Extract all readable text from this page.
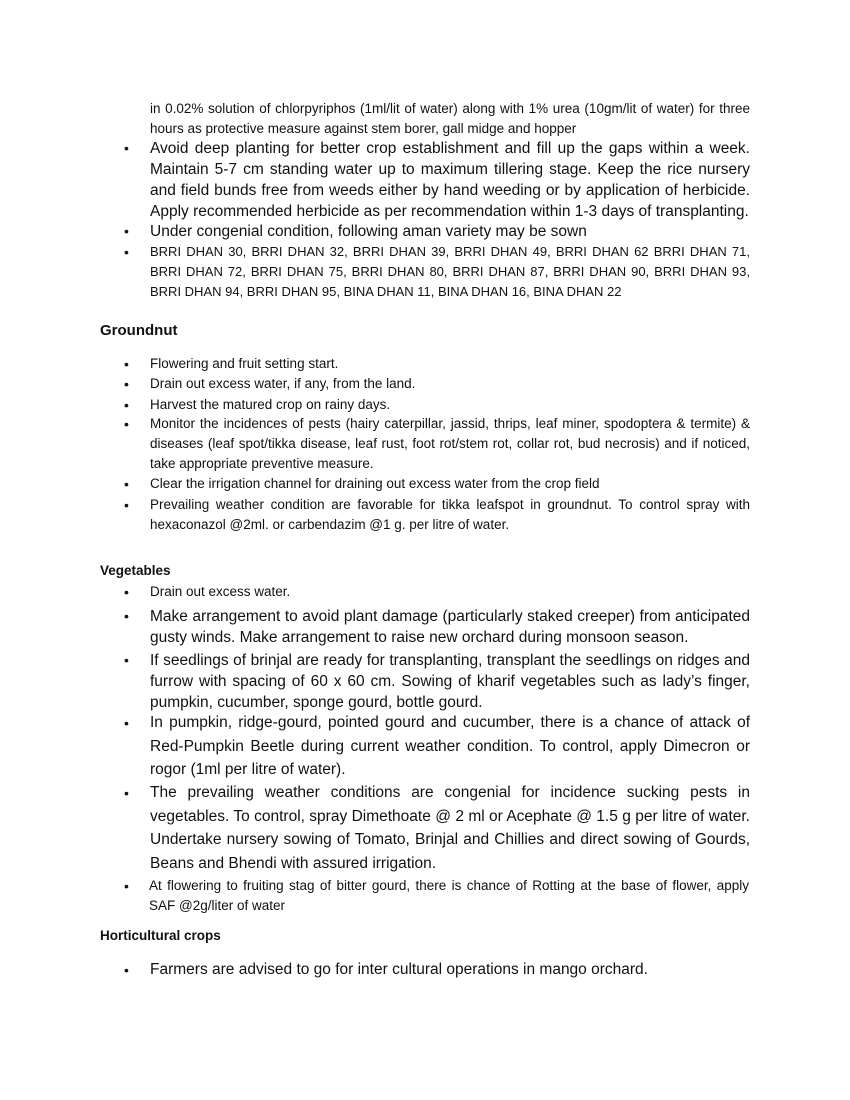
in 0.02% solution of chlorpyriphos (1ml/lit of water) along with 1% urea (10gm/lit of water) for three hours as protective measure against stem borer, gall midge and hopper

• Avoid deep planting for better crop establishment and fill up the gaps within a week. Maintain 5-7 cm standing water up to maximum tillering stage. Keep the rice nursery and field bunds free from weeds either by hand weeding or by application of herbicide. Apply recommended herbicide as per recommendation within 1-3 days of transplanting.

• Under congenial condition, following aman variety may be sown

• BRRI DHAN 30, BRRI DHAN 32, BRRI DHAN 39, BRRI DHAN 49, BRRI DHAN 62 BRRI DHAN 71, BRRI DHAN 72, BRRI DHAN 75, BRRI DHAN 80, BRRI DHAN 87, BRRI DHAN 90, BRRI DHAN 93, BRRI DHAN 94, BRRI DHAN 95, BINA DHAN 11, BINA DHAN 16, BINA DHAN 22

Groundnut
• Flowering and fruit setting start.

• Drain out excess water, if any, from the land.

• Harvest the matured crop on rainy days.

• Monitor the incidences of pests (hairy caterpillar, jassid, thrips, leaf miner, spodoptera & termite) & diseases (leaf spot/tikka disease, leaf rust, foot rot/stem rot, collar rot, bud necrosis) and if noticed, take appropriate preventive measure.

• Clear the irrigation channel for draining out excess water from the crop field

• Prevailing weather condition are favorable for tikka leafspot in groundnut. To control spray with hexaconazol @2ml. or carbendazim @1 g. per litre of water.

Vegetables
• Drain out excess water.

• Make arrangement to avoid plant damage (particularly staked creeper) from anticipated gusty winds. Make arrangement to raise new orchard during monsoon season.

• If seedlings of brinjal are ready for transplanting, transplant the seedlings on ridges and furrow with spacing of 60 x 60 cm. Sowing of kharif vegetables such as lady’s finger, pumpkin, cucumber, sponge gourd, bottle gourd.

• In pumpkin, ridge-gourd, pointed gourd and cucumber, there is a chance of attack of Red-Pumpkin Beetle during current weather condition. To control, apply Dimecron or rogor (1ml per litre of water).

• The prevailing weather conditions are congenial for incidence sucking pests in vegetables. To control, spray Dimethoate @ 2 ml or Acephate @ 1.5 g per litre of water. Undertake nursery sowing of Tomato, Brinjal and Chillies and direct sowing of Gourds, Beans and Bhendi with assured irrigation.

• At flowering to fruiting stag of bitter gourd, there is chance of Rotting at the base of flower, apply SAF @2g/liter of water

Horticultural crops
• Farmers are advised to go for inter cultural operations in mango orchard.
